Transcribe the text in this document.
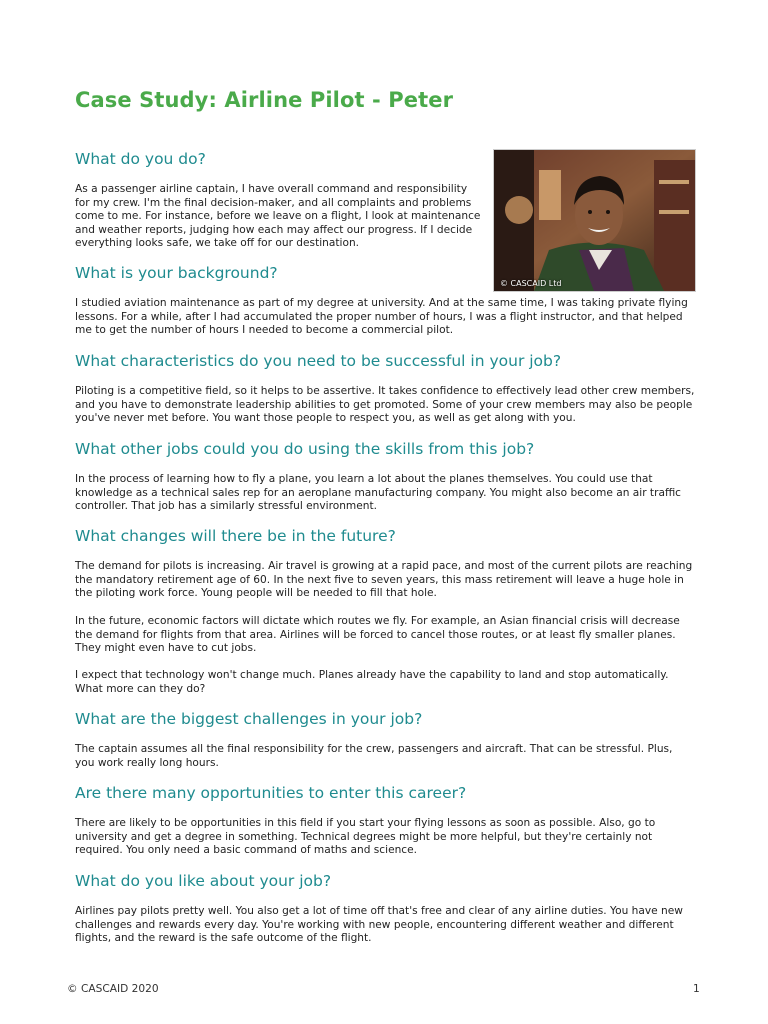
Case Study: Airline Pilot - Peter
© CASCAID Ltd
What do you do?
As a passenger airline captain, I have overall command and responsibility for my crew. I'm the final decision-maker, and all complaints and problems come to me. For instance, before we leave on a flight, I look at maintenance and weather reports, judging how each may affect our progress. If I decide everything looks safe, we take off for our destination.
What is your background?
I studied aviation maintenance as part of my degree at university. And at the same time, I was taking private flying lessons. For a while, after I had accumulated the proper number of hours, I was a flight instructor, and that helped me to get the number of hours I needed to become a commercial pilot.
What characteristics do you need to be successful in your job?
Piloting is a competitive field, so it helps to be assertive. It takes confidence to effectively lead other crew members, and you have to demonstrate leadership abilities to get promoted. Some of your crew members may also be people you've never met before. You want those people to respect you, as well as get along with you.
What other jobs could you do using the skills from this job?
In the process of learning how to fly a plane, you learn a lot about the planes themselves. You could use that knowledge as a technical sales rep for an aeroplane manufacturing company. You might also become an air traffic controller. That job has a similarly stressful environment.
What changes will there be in the future?
The demand for pilots is increasing. Air travel is growing at a rapid pace, and most of the current pilots are reaching the mandatory retirement age of 60. In the next five to seven years, this mass retirement will leave a huge hole in the piloting work force. Young people will be needed to fill that hole.
In the future, economic factors will dictate which routes we fly. For example, an Asian financial crisis will decrease the demand for flights from that area. Airlines will be forced to cancel those routes, or at least fly smaller planes. They might even have to cut jobs.
I expect that technology won't change much. Planes already have the capability to land and stop automatically. What more can they do?
What are the biggest challenges in your job?
The captain assumes all the final responsibility for the crew, passengers and aircraft. That can be stressful. Plus, you work really long hours.
Are there many opportunities to enter this career?
There are likely to be opportunities in this field if you start your flying lessons as soon as possible. Also, go to university and get a degree in something. Technical degrees might be more helpful, but they're certainly not required. You only need a basic command of maths and science.
What do you like about your job?
Airlines pay pilots pretty well. You also get a lot of time off that's free and clear of any airline duties. You have new challenges and rewards every day. You're working with new people, encountering different weather and different flights, and the reward is the safe outcome of the flight.
© CASCAID 2020	1
